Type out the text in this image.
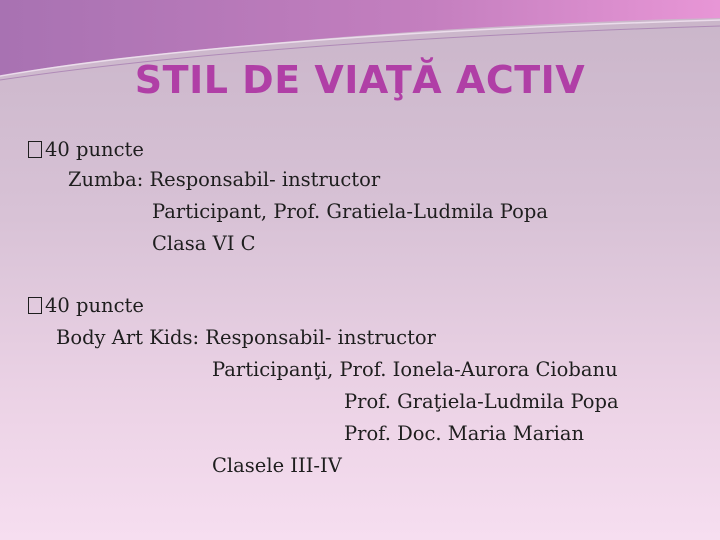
STIL DE VIAŢĂ ACTIV
40 puncte
Zumba: Responsabil- instructor
Participant, Prof. Gratiela-Ludmila Popa
Clasa VI C
40 puncte
Body Art Kids: Responsabil- instructor
Participanţi, Prof. Ionela-Aurora Ciobanu
Prof. Graţiela-Ludmila Popa
Prof. Doc. Maria Marian
Clasele III-IV
